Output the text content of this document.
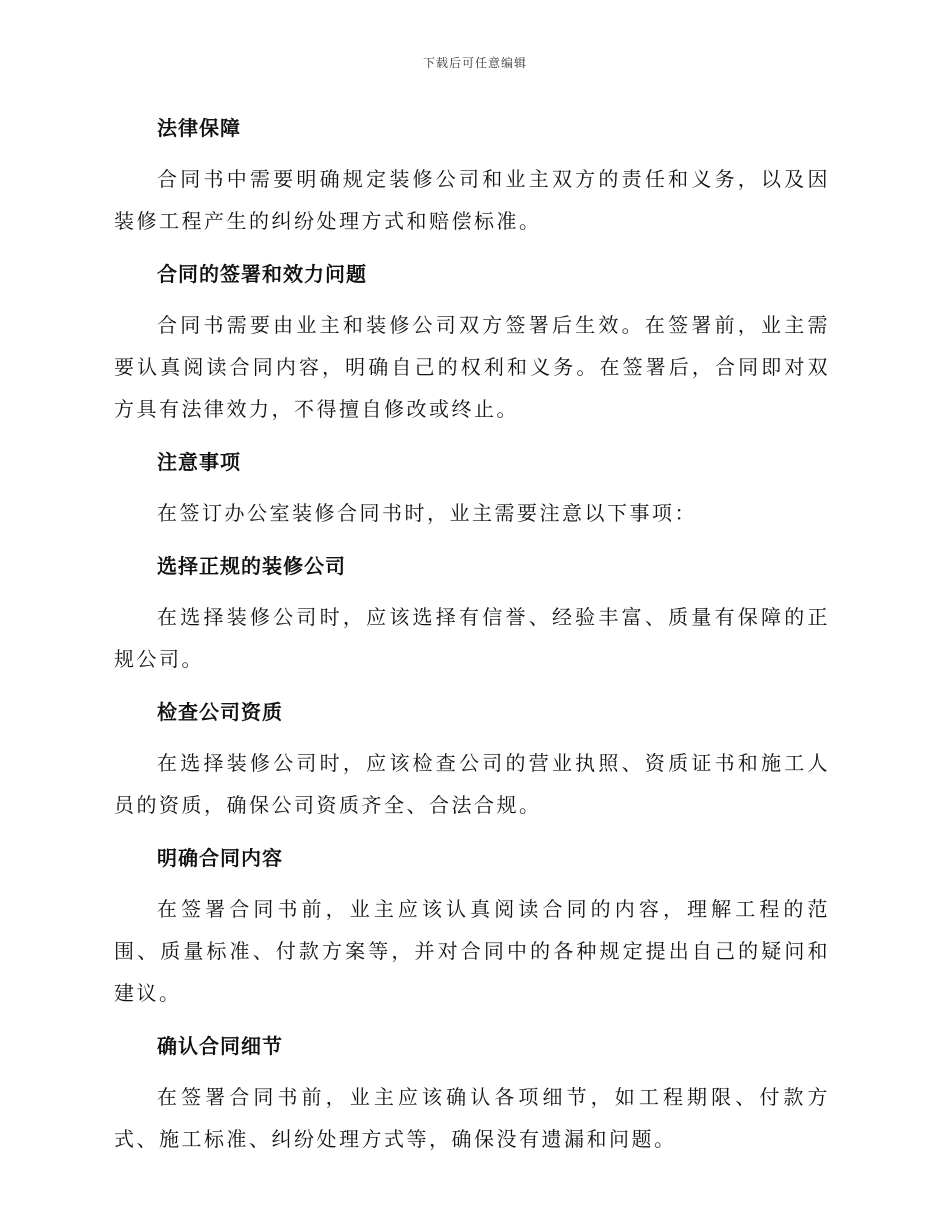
下载后可任意编辑
法律保障

合同书中需要明确规定装修公司和业主双方的责任和义务，以及因装修工程产生的纠纷处理方式和赔偿标准。

合同的签署和效力问题

合同书需要由业主和装修公司双方签署后生效。在签署前，业主需要认真阅读合同内容，明确自己的权利和义务。在签署后，合同即对双方具有法律效力，不得擅自修改或终止。

注意事项

在签订办公室装修合同书时，业主需要注意以下事项：

选择正规的装修公司

在选择装修公司时，应该选择有信誉、经验丰富、质量有保障的正规公司。

检查公司资质

在选择装修公司时，应该检查公司的营业执照、资质证书和施工人员的资质，确保公司资质齐全、合法合规。

明确合同内容

在签署合同书前，业主应该认真阅读合同的内容，理解工程的范围、质量标准、付款方案等，并对合同中的各种规定提出自己的疑问和建议。

确认合同细节

在签署合同书前，业主应该确认各项细节，如工程期限、付款方式、施工标准、纠纷处理方式等，确保没有遗漏和问题。
